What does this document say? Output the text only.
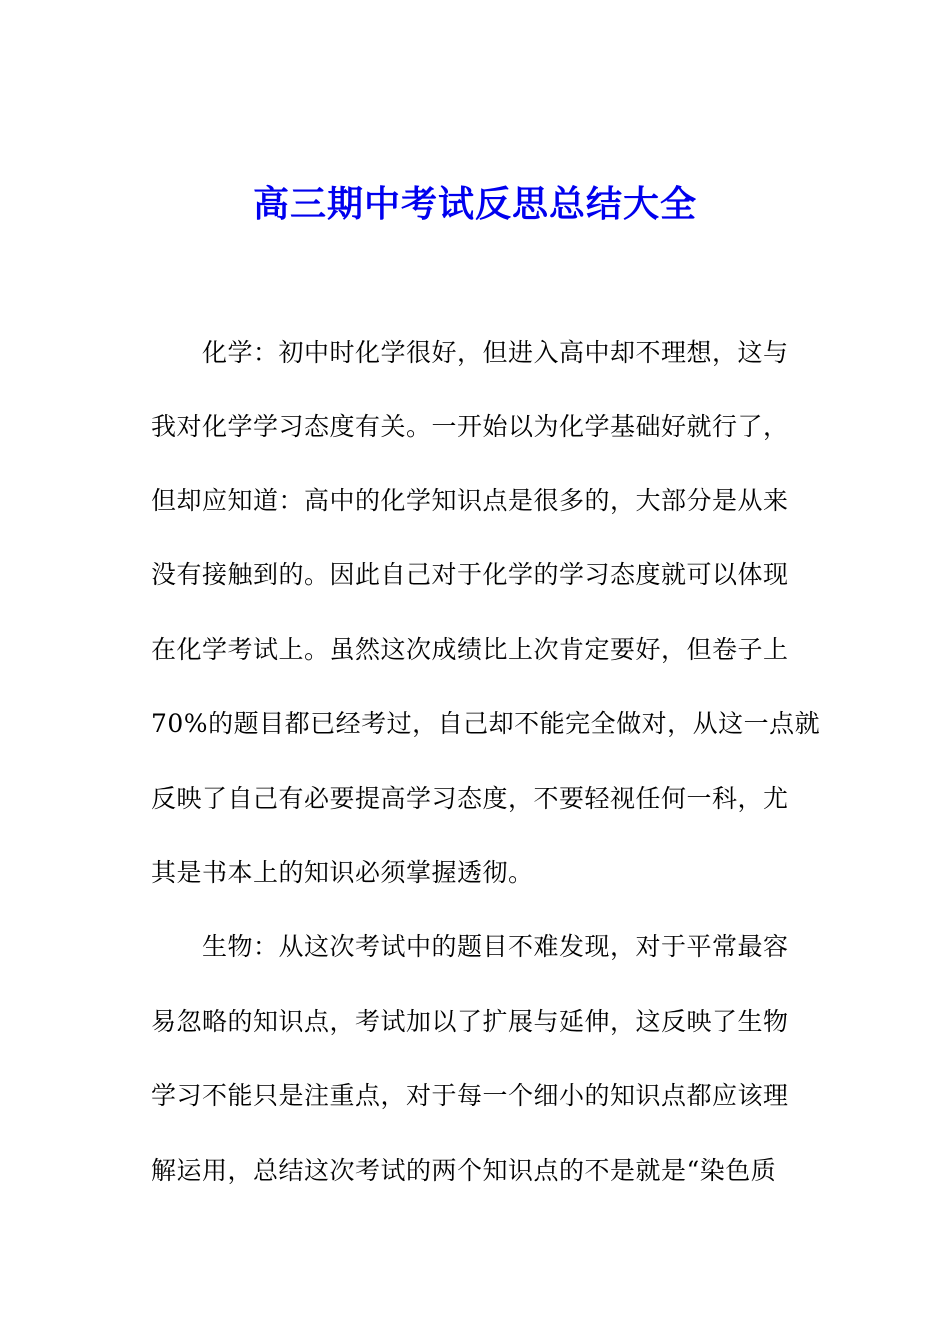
高三期中考试反思总结大全
化学：初中时化学很好，但进入高中却不理想，这与
我对化学学习态度有关。一开始以为化学基础好就行了，
但却应知道：高中的化学知识点是很多的，大部分是从来
没有接触到的。因此自己对于化学的学习态度就可以体现
在化学考试上。虽然这次成绩比上次肯定要好，但卷子上
70%的题目都已经考过，自己却不能完全做对，从这一点就
反映了自己有必要提高学习态度，不要轻视任何一科，尤
其是书本上的知识必须掌握透彻。
生物：从这次考试中的题目不难发现，对于平常最容
易忽略的知识点，考试加以了扩展与延伸，这反映了生物
学习不能只是注重点，对于每一个细小的知识点都应该理
解运用，总结这次考试的两个知识点的不是就是“染色质
